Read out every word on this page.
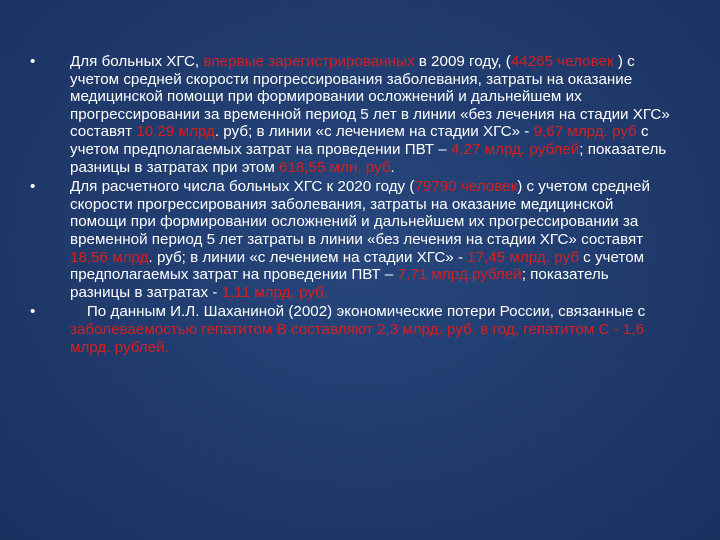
• Для больных ХГС, впервые зарегистрированных в 2009 году, (44265 человек ) с учетом средней скорости прогрессирования заболевания, затраты на оказание медицинской помощи при формировании осложнений и дальнейшем их прогрессировании за временной период 5 лет в линии «без лечения на стадии ХГС» составят 10,29 млрд. руб; в линии «с лечением на стадии ХГС» - 9,67 млрд. руб с учетом предполагаемых затрат на проведении ПВТ – 4,27 млрд. рублей; показатель разницы в затратах при этом 618,55 млн. руб.
• Для расчетного числа больных ХГС к 2020 году (79790 человек) с учетом средней скорости прогрессирования заболевания, затраты на оказание медицинской помощи при формировании осложнений и дальнейшем их прогрессировании за временной период 5 лет затраты в линии «без лечения на стадии ХГС» составят 18,56 млрд. руб; в линии «с лечением на стадии ХГС» - 17,45 млрд. руб с учетом предполагаемых затрат на проведении ПВТ – 7,71 млрд.рублей; показатель разницы в затратах - 1,11 млрд. руб.
•	По данным И.Л. Шаханиной (2002) экономические потери России, связанные с заболеваемостью гепатитом В составляют 2,3 млрд. руб. в год, гепатитом С - 1,6 млрд. рублей.
